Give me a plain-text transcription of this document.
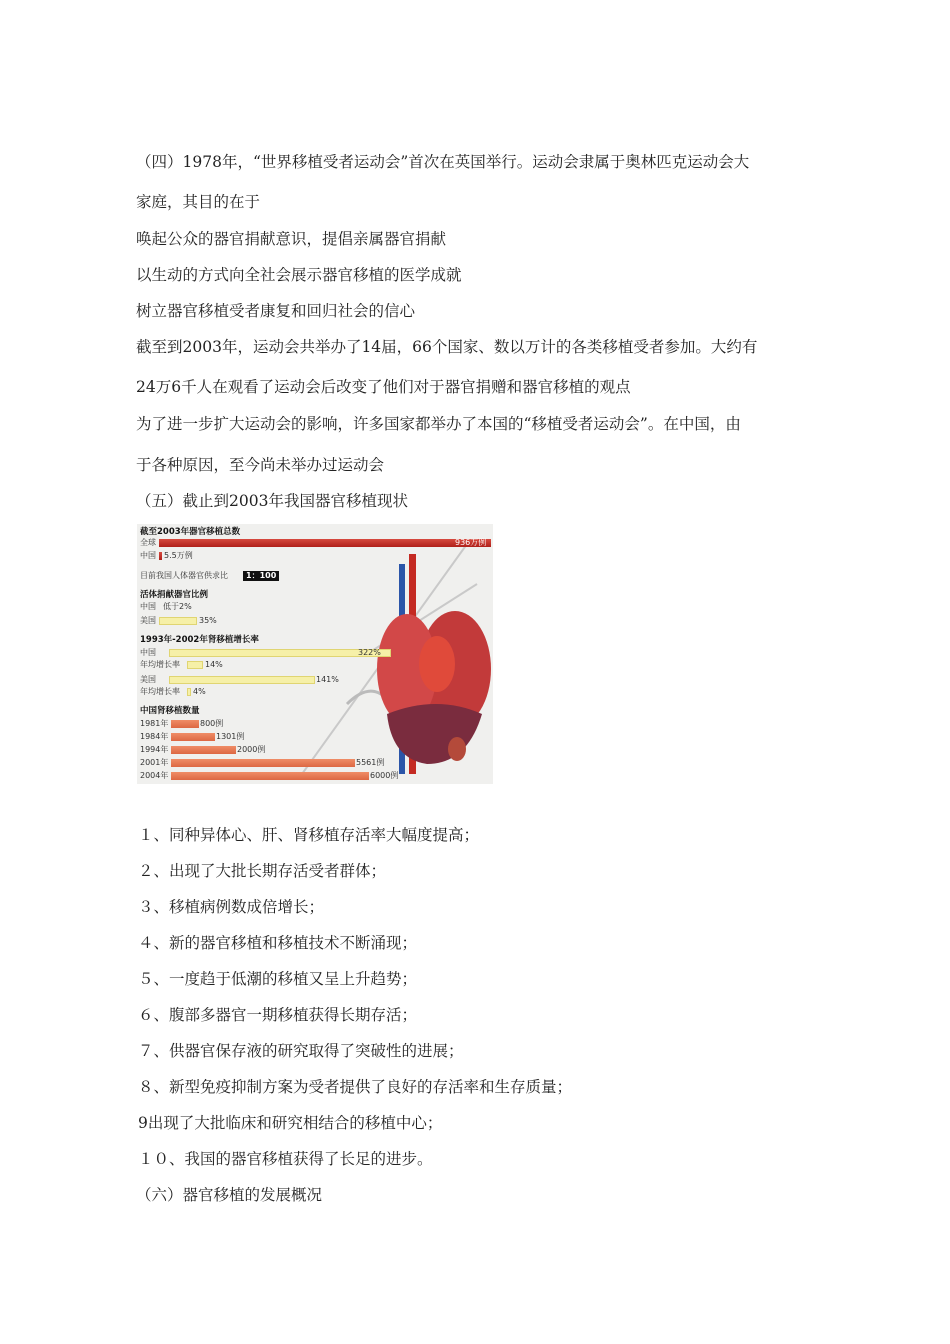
（四）1978年，“世界移植受者运动会”首次在英国举行。运动会隶属于奥林匹克运动会大
家庭，其目的在于
唤起公众的器官捐献意识，提倡亲属器官捐献
以生动的方式向全社会展示器官移植的医学成就
树立器官移植受者康复和回归社会的信心
截至到2003年，运动会共举办了14届，66个国家、数以万计的各类移植受者参加。大约有
24万6千人在观看了运动会后改变了他们对于器官捐赠和器官移植的观点
为了进一步扩大运动会的影响，许多国家都举办了本国的“移植受者运动会”。在中国，由
于各种原因，至今尚未举办过运动会
（五）截止到2003年我国器官移植现状
截至2003年器官移植总数
全球	936万例
中国 5.5万例
目前我国人体器官供求比	1：100
活体捐献器官比例
中国 低于2%
美国	35%
1993年-2002年肾移植增长率
中国	322%
年均增长率	14%
美国	141%
年均增长率 4%
中国肾移植数量
1981年	800例
1984年	1301例
1994年	2000例
2001年	5561例
2004年	6000例
１、同种异体心、肝、肾移植存活率大幅度提高；
２、出现了大批长期存活受者群体；
３、移植病例数成倍增长；
４、新的器官移植和移植技术不断涌现；
５、一度趋于低潮的移植又呈上升趋势；
６、腹部多器官一期移植获得长期存活；
７、供器官保存液的研究取得了突破性的进展；
８、新型免疫抑制方案为受者提供了良好的存活率和生存质量；
9出现了大批临床和研究相结合的移植中心；
１０、我国的器官移植获得了长足的进步。
（六）器官移植的发展概况
